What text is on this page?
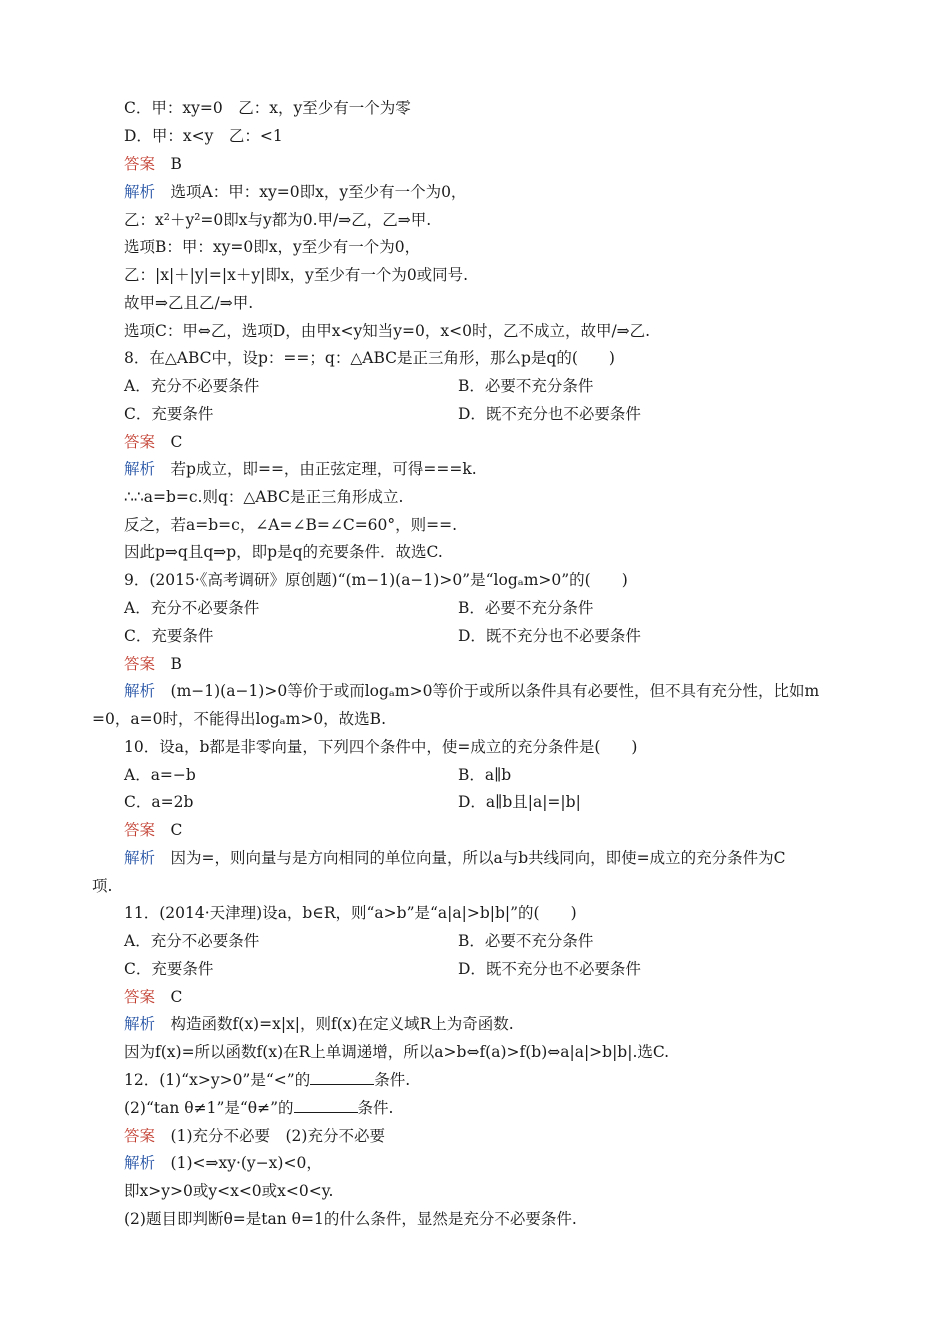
C．甲：xy=0　乙：x，y至少有一个为零
D．甲：x<y　乙：<1
答案　 B
解析　 选项A：甲：xy=0即x，y至少有一个为0，
乙：x²＋y²=0即x与y都为0.甲/⇒乙，乙⇒甲.
选项B：甲：xy=0即x，y至少有一个为0，
乙：|x|＋|y|=|x＋y|即x，y至少有一个为0或同号.
故甲⇒乙且乙/⇒甲.
选项C：甲⇔乙，选项D，由甲x<y知当y=0，x<0时，乙不成立，故甲/⇒乙.
8．在△ABC中，设p：==；q：△ABC是正三角形，那么p是q的(　　)
A．充分不必要条件	B．必要不充分条件
C．充要条件	D．既不充分也不必要条件
答案　 C
解析　 若p成立，即==，由正弦定理，可得===k.
∴∴a=b=c.则q：△ABC是正三角形成立.
反之，若a=b=c，∠A=∠B=∠C=60°，则==.
因此p⇒q且q⇒p，即p是q的充要条件．故选C.
9．(2015·《高考调研》原创题)“(m−1)(a−1)>0”是“logₐm>0”的(　　)
A．充分不必要条件	B．必要不充分条件
C．充要条件	D．既不充分也不必要条件
答案　 B
解析　 (m−1)(a−1)>0等价于或而logₐm>0等价于或所以条件具有必要性，但不具有充分性，比如m
=0，a=0时，不能得出logₐm>0，故选B.
10．设a，b都是非零向量，下列四个条件中，使=成立的充分条件是(　　)
A．a=−b	B．a∥b
C．a=2b	D．a∥b且|a|=|b|
答案　 C
解析　 因为=，则向量与是方向相同的单位向量，所以a与b共线同向，即使=成立的充分条件为C
项.
11．(2014·天津理)设a，b∈R，则“a>b”是“a|a|>b|b|”的(　　)
A．充分不必要条件	B．必要不充分条件
C．充要条件	D．既不充分也不必要条件
答案　 C
解析　 构造函数f(x)=x|x|，则f(x)在定义域R上为奇函数.
因为f(x)=所以函数f(x)在R上单调递增，所以a>b⇔f(a)>f(b)⇔a|a|>b|b|.选C.
12．(1)“x>y>0”是“<”的	条件.
(2)“tan θ≠1”是“θ≠”的	条件.
答案　 (1)充分不必要　(2)充分不必要
解析　 (1)<⇒xy·(y−x)<0，
即x>y>0或y<x<0或x<0<y.
(2)题目即判断θ=是tan θ=1的什么条件，显然是充分不必要条件.
